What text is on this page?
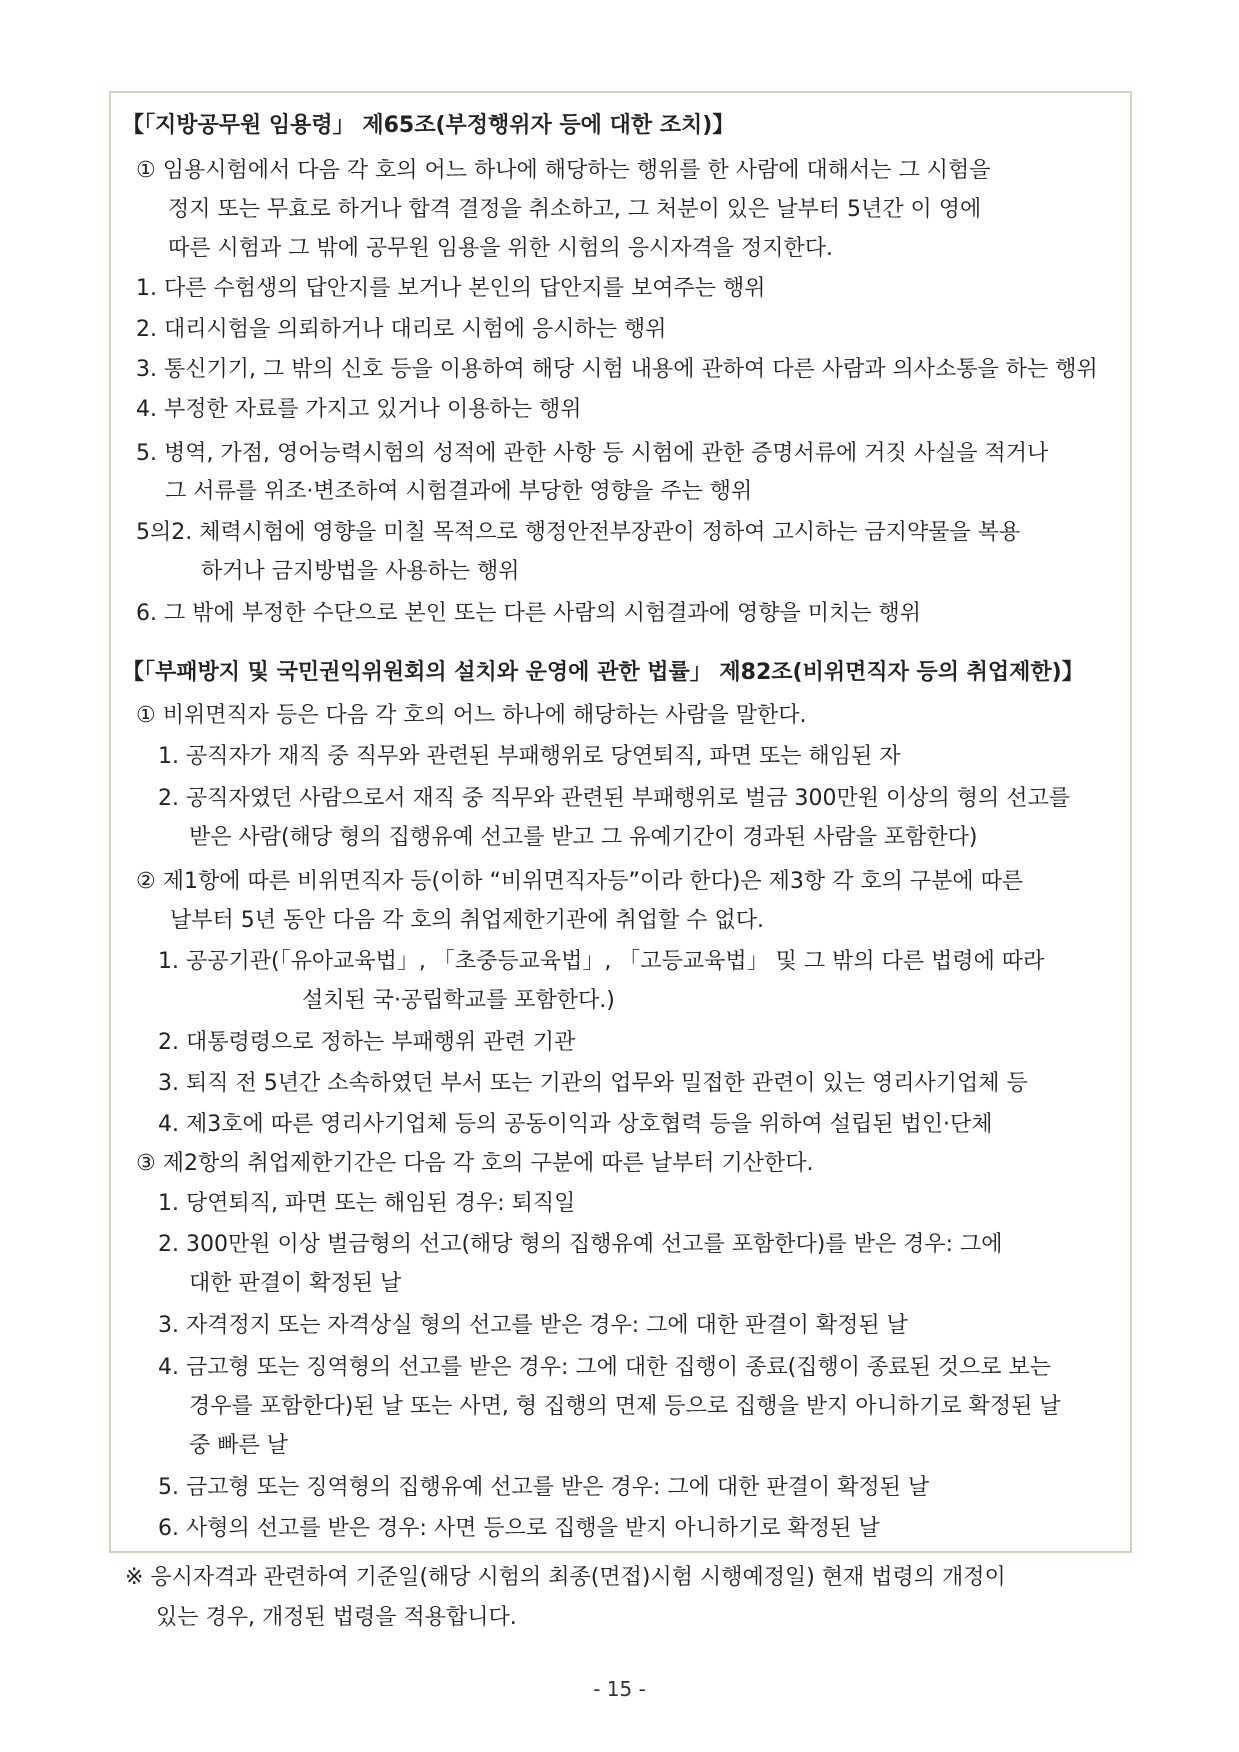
【「지방공무원 임용령」 제65조(부정행위자 등에 대한 조치)】
① 임용시험에서 다음 각 호의 어느 하나에 해당하는 행위를 한 사람에 대해서는 그 시험을
정지 또는 무효로 하거나 합격 결정을 취소하고, 그 처분이 있은 날부터 5년간 이 영에
따른 시험과 그 밖에 공무원 임용을 위한 시험의 응시자격을 정지한다.
1. 다른 수험생의 답안지를 보거나 본인의 답안지를 보여주는 행위
2. 대리시험을 의뢰하거나 대리로 시험에 응시하는 행위
3. 통신기기, 그 밖의 신호 등을 이용하여 해당 시험 내용에 관하여 다른 사람과 의사소통을 하는 행위
4. 부정한 자료를 가지고 있거나 이용하는 행위
5. 병역, 가점, 영어능력시험의 성적에 관한 사항 등 시험에 관한 증명서류에 거짓 사실을 적거나
그 서류를 위조·변조하여 시험결과에 부당한 영향을 주는 행위
5의2. 체력시험에 영향을 미칠 목적으로 행정안전부장관이 정하여 고시하는 금지약물을 복용
하거나 금지방법을 사용하는 행위
6. 그 밖에 부정한 수단으로 본인 또는 다른 사람의 시험결과에 영향을 미치는 행위
【「부패방지 및 국민권익위원회의 설치와 운영에 관한 법률」 제82조(비위면직자 등의 취업제한)】
① 비위면직자 등은 다음 각 호의 어느 하나에 해당하는 사람을 말한다.
1. 공직자가 재직 중 직무와 관련된 부패행위로 당연퇴직, 파면 또는 해임된 자
2. 공직자였던 사람으로서 재직 중 직무와 관련된 부패행위로 벌금 300만원 이상의 형의 선고를
받은 사람(해당 형의 집행유예 선고를 받고 그 유예기간이 경과된 사람을 포함한다)
② 제1항에 따른 비위면직자 등(이하 “비위면직자등”이라 한다)은 제3항 각 호의 구분에 따른
날부터 5년 동안 다음 각 호의 취업제한기관에 취업할 수 없다.
1. 공공기관(「유아교육법」, 「초중등교육법」, 「고등교육법」 및 그 밖의 다른 법령에 따라
설치된 국·공립학교를 포함한다.)
2. 대통령령으로 정하는 부패행위 관련 기관
3. 퇴직 전 5년간 소속하였던 부서 또는 기관의 업무와 밀접한 관련이 있는 영리사기업체 등
4. 제3호에 따른 영리사기업체 등의 공동이익과 상호협력 등을 위하여 설립된 법인·단체
③ 제2항의 취업제한기간은 다음 각 호의 구분에 따른 날부터 기산한다.
1. 당연퇴직, 파면 또는 해임된 경우: 퇴직일
2. 300만원 이상 벌금형의 선고(해당 형의 집행유예 선고를 포함한다)를 받은 경우: 그에
대한 판결이 확정된 날
3. 자격정지 또는 자격상실 형의 선고를 받은 경우: 그에 대한 판결이 확정된 날
4. 금고형 또는 징역형의 선고를 받은 경우: 그에 대한 집행이 종료(집행이 종료된 것으로 보는
경우를 포함한다)된 날 또는 사면, 형 집행의 면제 등으로 집행을 받지 아니하기로 확정된 날
중 빠른 날
5. 금고형 또는 징역형의 집행유예 선고를 받은 경우: 그에 대한 판결이 확정된 날
6. 사형의 선고를 받은 경우: 사면 등으로 집행을 받지 아니하기로 확정된 날
※ 응시자격과 관련하여 기준일(해당 시험의 최종(면접)시험 시행예정일) 현재 법령의 개정이
있는 경우, 개정된 법령을 적용합니다.
- 15 -
